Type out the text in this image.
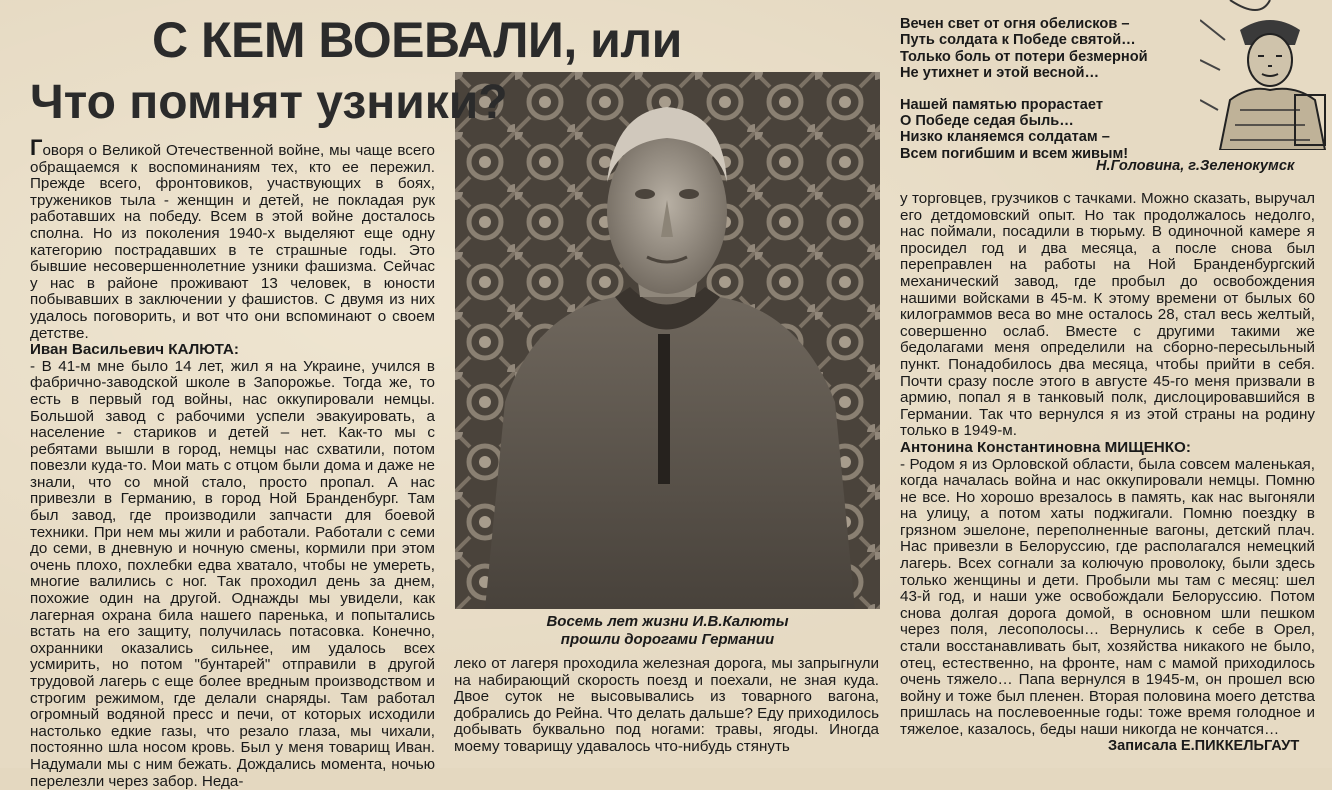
С КЕМ ВОЕВАЛИ, или
Что помнят узники?
Восемь лет жизни И.В.Калюты
прошли дорогами Германии

Говоря о Великой Отечественной войне, мы чаще всего обращаемся к воспоминаниям тех, кто ее пережил. Прежде всего, фронтовиков, участвующих в боях, тружеников тыла - женщин и детей, не покладая рук работавших на победу. Всем в этой войне досталось сполна. Но из поколения 1940-х выделяют еще одну категорию пострадавших в те страшные годы. Это бывшие несовершеннолетние узники фашизма. Сейчас у нас в районе проживают 13 человек, в юности побывавших в заключении у фашистов. С двумя из них удалось поговорить, и вот что они вспоминают о своем детстве.

Иван Васильевич КАЛЮТА:

- В 41-м мне было 14 лет, жил я на Украине, учился в фабрично-заводской школе в Запорожье. Тогда же, то есть в первый год войны, нас оккупировали немцы. Большой завод с рабочими успели эвакуировать, а население - стариков и детей – нет. Как-то мы с ребятами вышли в город, немцы нас схватили, потом повезли куда-то. Мои мать с отцом были дома и даже не знали, что со мной стало, просто пропал. А нас привезли в Германию, в город Ной Бранденбург. Там был завод, где производили запчасти для боевой техники. При нем мы жили и работали. Работали с семи до семи, в дневную и ночную смены, кормили при этом очень плохо, похлебки едва хватало, чтобы не умереть, многие валились с ног. Так проходил день за днем, похожие один на другой. Однажды мы увидели, как лагерная охрана била нашего паренька, и попытались встать на его защиту, получилась потасовка. Конечно, охранники оказались сильнее, им удалось всех усмирить, но потом "бунтарей" отправили в другой трудовой лагерь с еще более вредным производством и строгим режимом, где делали снаряды. Там работал огромный водяной пресс и печи, от которых исходили настолько едкие газы, что резало глаза, мы чихали, постоянно шла носом кровь. Был у меня товарищ Иван. Надумали мы с ним бежать. Дождались момента, ночью перелезли через забор. Неда-

леко от лагеря проходила железная дорога, мы запрыгнули на набирающий скорость поезд и поехали, не зная куда. Двое суток не высовывались из товарного вагона, добрались до Рейна. Что делать дальше? Еду приходилось добывать буквально под ногами: травы, ягоды. Иногда моему товарищу удавалось что-нибудь стянуть

Вечен свет от огня обелисков –
Путь солдата к Победе святой…
Только боль от потери безмерной
Не утихнет и этой весной…
Нашей памятью прорастает
О Победе седая быль…
Низко кланяемся солдатам –
Всем погибшим и всем живым!
Н.Головина, г.Зеленокумск

у торговцев, грузчиков с тачками. Можно сказать, выручал его детдомовский опыт. Но так продолжалось недолго, нас поймали, посадили в тюрьму. В одиночной камере я просидел год и два месяца, а после снова был переправлен на работы на Ной Бранденбургский механический завод, где пробыл до освобождения нашими войсками в 45-м. К этому времени от былых 60 килограммов веса во мне осталось 28, стал весь желтый, совершенно ослаб. Вместе с другими такими же бедолагами меня определили на сборно-пересыльный пункт. Понадобилось два месяца, чтобы прийти в себя. Почти сразу после этого в августе 45-го меня призвали в армию, попал я в танковый полк, дислоцировавшийся в Германии. Так что вернулся я из этой страны на родину только в 1949-м.

Антонина Константиновна МИЩЕНКО:

- Родом я из Орловской области, была совсем маленькая, когда началась война и нас оккупировали немцы. Помню не все. Но хорошо врезалось в память, как нас выгоняли на улицу, а потом хаты поджигали. Помню поездку в грязном эшелоне, переполненные вагоны, детский плач. Нас привезли в Белоруссию, где располагался немецкий лагерь. Всех согнали за колючую проволоку, были здесь только женщины и дети. Пробыли мы там с месяц: шел 43-й год, и наши уже освобождали Белоруссию. Потом снова долгая дорога домой, в основном шли пешком через поля, лесополосы… Вернулись к себе в Орел, стали восстанавливать быт, хозяйства никакого не было, отец, естественно, на фронте, нам с мамой приходилось очень тяжело… Папа вернулся в 1945-м, он прошел всю войну и тоже был пленен. Вторая половина моего детства пришлась на послевоенные годы: тоже время голодное и тяжелое, казалось, беды наши никогда не кончатся…

Записала Е.ПИККЕЛЬГАУТ
